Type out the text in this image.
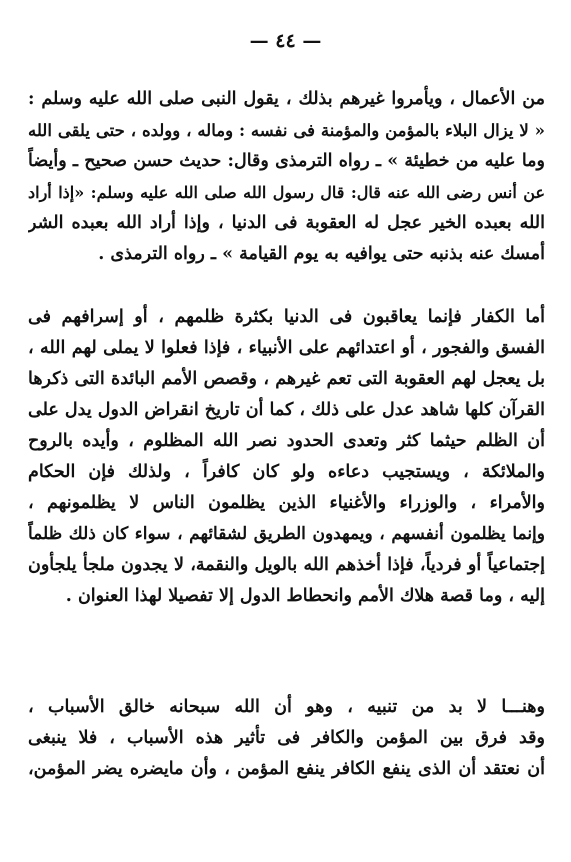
— ٤٤ —
من الأعمال ، ويأمروا غيرهم بذلك ، يقول النبى صلى الله عليه وسلم :
« لا يزال البلاء بالمؤمن والمؤمنة فى نفسه : وماله ، وولده ، حتى يلقى الله
وما عليه من خطيئة » ـ رواه الترمذى وقال: حديث حسن صحيح ـ وأيضاً
عن أنس رضى الله عنه قال: قال رسول الله صلى الله عليه وسلم: «إذا أراد
الله بعبده الخير عجل له العقوبة فى الدنيا ، وإذا أراد الله بعبده الشر
أمسك عنه بذنبه حتى يوافيه به يوم القيامة » ـ رواه الترمذى .
أما الكفار فإنما يعاقبون فى الدنيا بكثرة ظلمهم ، أو إسرافهم فى
الفسق والفجور ، أو اعتدائهم على الأنبياء ، فإذا فعلوا لا يملى لهم الله ،
بل يعجل لهم العقوبة التى تعم غيرهم ، وقصص الأمم البائدة التى ذكرها
القرآن كلها شاهد عدل على ذلك ، كما أن تاريخ انقراض الدول يدل على
أن الظلم حيثما كثر وتعدى الحدود نصر الله المظلوم ، وأيده بالروح
والملائكة ، ويستجيب دعاءه ولو كان كافراً ، ولذلك فإن الحكام
والأمراء ، والوزراء والأغنياء الذين يظلمون الناس لا يظلمونهم ،
وإنما يظلمون أنفسهم ، ويمهدون الطريق لشقائهم ، سواء كان ذلك ظلماً
إجتماعياً أو فردياً، فإذا أخذهم الله بالويل والنقمة، لا يجدون ملجأ يلجأون
إليه ، وما قصة هلاك الأمم وانحطاط الدول إلا تفصيلا لهذا العنوان .
وهنـــا لا بد من تنبيه ، وهو أن الله سبحانه خالق الأسباب ،
وقد فرق بين المؤمن والكافر فى تأثير هذه الأسباب ، فلا ينبغى
أن نعتقد أن الذى ينفع الكافر ينفع المؤمن ، وأن مايضره يضر المؤمن،
